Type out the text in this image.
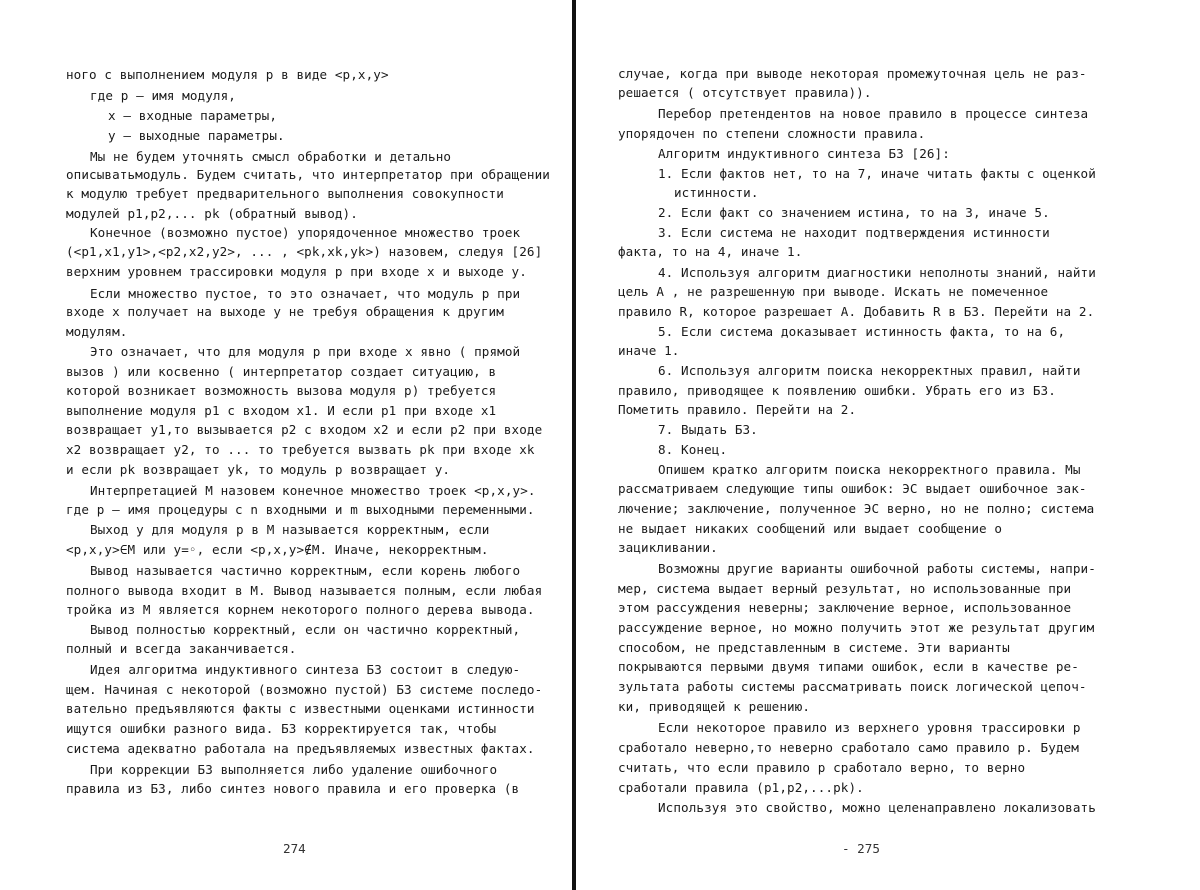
ного с выполнением модуля p в виде <p,x,y>
где p – имя модуля,
x – входные параметры,
y – выходные параметры.
Мы не будем уточнять смысл обработки и детально
описыватьмодуль. Будем считать, что интерпретатор при обращении
к модулю требует предварительного выполнения совокупности
модулей p1,p2,... pk (обратный вывод).
Конечное (возможно пустое) упорядоченное множество троек
(<p1,x1,y1>,<p2,x2,y2>, ... , <pk,xk,yk>) назовем, следуя [26]
верхним уровнем трассировки модуля p при входе x и выходе y.
Если множество пустое, то это означает, что модуль p при
входе x получает на выходе y не требуя обращения к другим
модулям.
Это означает, что для модуля p при входе x явно ( прямой
вызов ) или косвенно ( интерпретатор создает ситуацию, в
которой возникает возможность вызова модуля p) требуется
выполнение модуля p1 с входом x1. И если p1 при входе x1
возвращает y1,то вызывается p2 с входом x2 и если p2 при входе
x2 возвращает y2, то ... то требуется вызвать pk при входе xk
и если pk возвращает yk, то модуль p возвращает y.
Интерпретацией M назовем конечное множество троек <p,x,y>.
где p – имя процедуры с n входными и m выходными переменными.
Выход y для модуля p в M называется корректным, если
<p,x,y>∈M или y=◦, если <p,x,y>∉M. Иначе, некорректным.
Вывод называется частично корректным, если корень любого
полного вывода входит в M. Вывод называется полным, если любая
тройка из M является корнем некоторого полного дерева вывода.
Вывод полностью корректный, если он частично корректный,
полный и всегда заканчивается.
Идея алгоритма индуктивного синтеза БЗ состоит в следую-
щем. Начиная с некоторой (возможно пустой) БЗ системе последо-
вательно предъявляются факты с известными оценками истинности
ищутся ошибки разного вида. БЗ корректируется так, чтобы
система адекватно работала на предъявляемых известных фактах.
При коррекции БЗ выполняется либо удаление ошибочного
правила из БЗ, либо синтез нового правила и его проверка (в
274
случае, когда при выводе некоторая промежуточная цель не раз-
решается ( отсутствует правила)).
Перебор претендентов на новое правило в процессе синтеза
упорядочен по степени сложности правила.
Алгоритм индуктивного синтеза БЗ [26]:
1. Если фактов нет, то на 7, иначе читать факты с оценкой
истинности.
2. Если факт со значением истина, то на 3, иначе 5.
3. Если система не находит подтверждения истинности
факта, то на 4, иначе 1.
4. Используя алгоритм диагностики неполноты знаний, найти
цель A , не разрешенную при выводе. Искать не помеченное
правило R, которое разрешает A. Добавить R в БЗ. Перейти на 2.
5. Если система доказывает истинность факта, то на 6,
иначе 1.
6. Используя алгоритм поиска некорректных правил, найти
правило, приводящее к появлению ошибки. Убрать его из БЗ.
Пометить правило. Перейти на 2.
7. Выдать БЗ.
8. Конец.
Опишем кратко алгоритм поиска некорректного правила. Мы
рассматриваем следующие типы ошибок: ЭС выдает ошибочное зак-
лючение; заключение, полученное ЭС верно, но не полно; система
не выдает никаких сообщений или выдает сообщение о
зацикливании.
Возможны другие варианты ошибочной работы системы, напри-
мер, система выдает верный результат, но использованные при
этом рассуждения неверны; заключение верное, использованное
рассуждение верное, но можно получить этот же результат другим
способом, не представленным в системе. Эти варианты
покрываются первыми двумя типами ошибок, если в качестве ре-
зультата работы системы рассматривать поиск логической цепоч-
ки, приводящей к решению.
Если некоторое правило из верхнего уровня трассировки p
сработало неверно,то неверно сработало само правило p. Будем
считать, что если правило p сработало верно, то верно
сработали правила (p1,p2,...pk).
Используя это свойство, можно целенаправлено локализовать
- 275
